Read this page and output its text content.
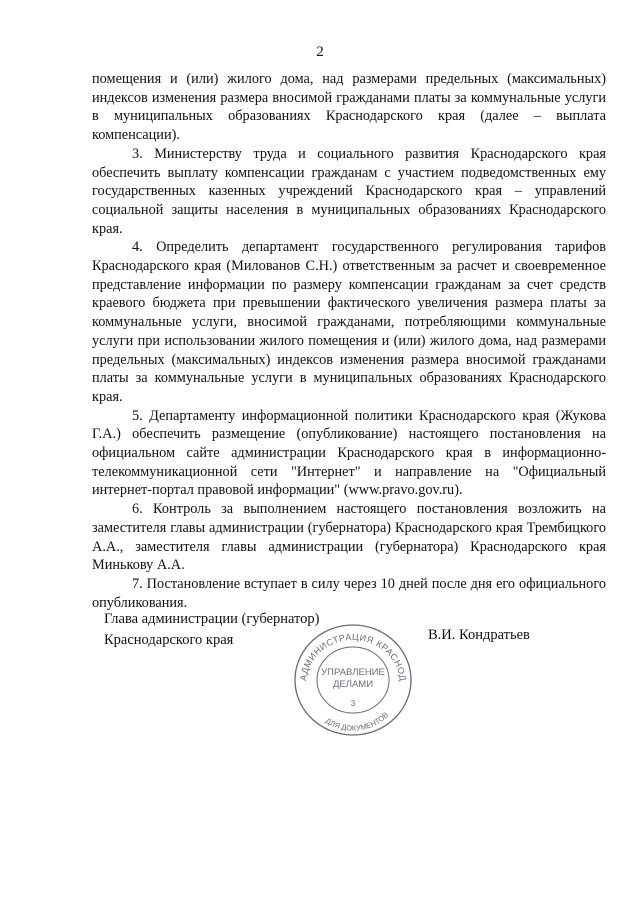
2

помещения и (или) жилого дома, над размерами предельных (максимальных) индексов изменения размера вносимой гражданами платы за коммунальные услуги в муниципальных образованиях Краснодарского края (далее – выплата компенсации).

3. Министерству труда и социального развития Краснодарского края обеспечить выплату компенсации гражданам с участием подведомственных ему государственных казенных учреждений Краснодарского края – управлений социальной защиты населения в муниципальных образованиях Краснодарского края.

4. Определить департамент государственного регулирования тарифов Краснодарского края (Милованов С.Н.) ответственным за расчет и своевременное представление информации по размеру компенсации гражданам за счет средств краевого бюджета при превышении фактического увеличения размера платы за коммунальные услуги, вносимой гражданами, потребляющими коммунальные услуги при использовании жилого помещения и (или) жилого дома, над размерами предельных (максимальных) индексов изменения размера вносимой гражданами платы за коммунальные услуги в муниципальных образованиях Краснодарского края.

5. Департаменту информационной политики Краснодарского края (Жукова Г.А.) обеспечить размещение (опубликование) настоящего постановления на официальном сайте администрации Краснодарского края в информационно-телекоммуникационной сети "Интернет" и направление на "Официальный интернет-портал правовой информации" (www.pravo.gov.ru).

6. Контроль за выполнением настоящего постановления возложить на заместителя главы администрации (губернатора) Краснодарского края Трембицкого А.А., заместителя главы администрации (губернатора) Краснодарского края Минькову А.А.

7. Постановление вступает в силу через 10 дней после дня его официального опубликования.

Глава администрации (губернатор)
Краснодарского края	В.И. Кондратьев
АДМИНИСТРАЦИЯ КРАСНОД
ДЛЯ ДОКУМЕНТОВ
УПРАВЛЕНИЕ
ДЕЛАМИ
3
